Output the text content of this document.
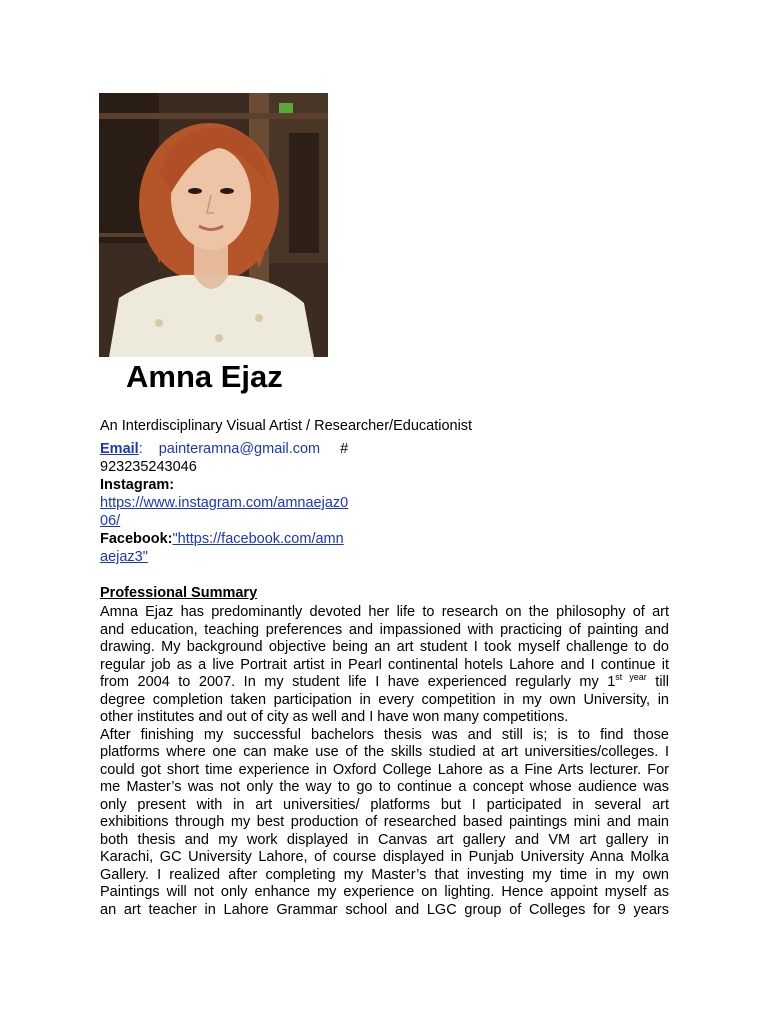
Amna Ejaz
An Interdisciplinary Visual Artist / Researcher/Educationist
Email: painteramna@gmail.com #
923235243046
Instagram:
https://www.instagram.com/amnaejaz0
06/
Facebook:"https://facebook.com/amn
aejaz3"
Professional Summary
Amna Ejaz has predominantly devoted her life to research on the philosophy of art
and education, teaching preferences and impassioned with practicing of painting and
drawing. My background objective being an art student I took myself challenge to do
regular job as a live Portrait artist in Pearl continental hotels Lahore and I continue it
from 2004 to 2007. In my student life I have experienced regularly my $1^{st year}$ till
degree completion taken participation in every competition in my own University, in
other institutes and out of city as well and I have won many competitions.
After finishing my successful bachelors thesis was and still is; is to find those
platforms where one can make use of the skills studied at art universities/colleges. I
could got short time experience in Oxford College Lahore as a Fine Arts lecturer. For
me Master’s was not only the way to go to continue a concept whose audience was
only present with in art universities/ platforms but I participated in several art
exhibitions through my best production of researched based paintings mini and main
both thesis and my work displayed in Canvas art gallery and VM art gallery in
Karachi, GC University Lahore, of course displayed in Punjab University Anna Molka
Gallery. I realized after completing my Master’s that investing my time in my own
Paintings will not only enhance my experience on lighting. Hence appoint myself as
an art teacher in Lahore Grammar school and LGC group of Colleges for 9 years
